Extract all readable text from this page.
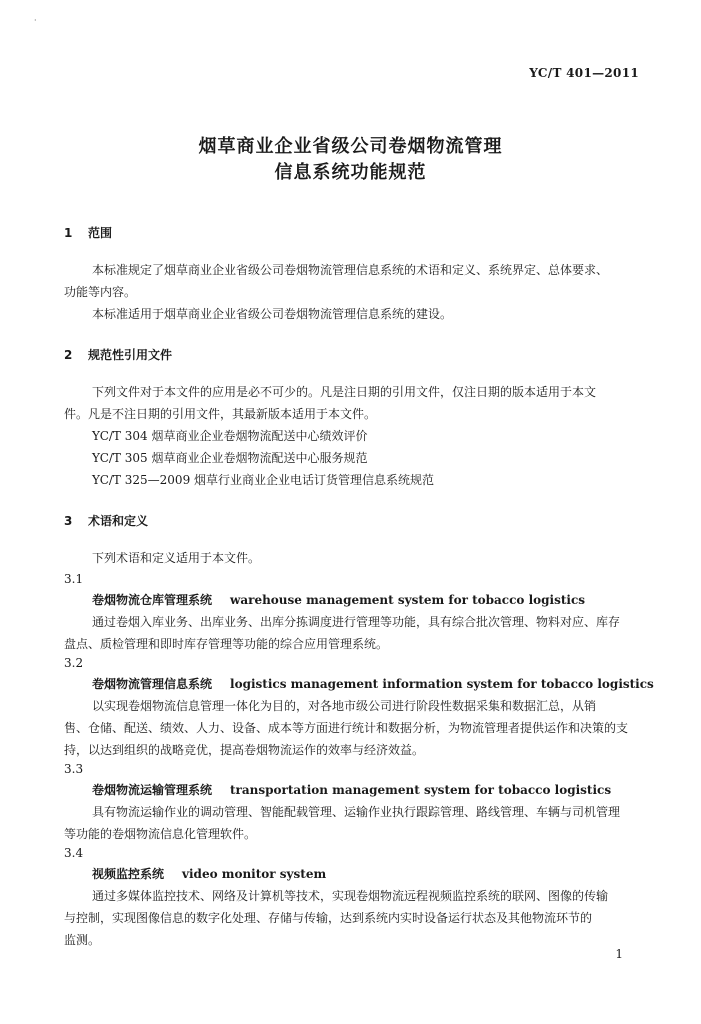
·
YC/T 401—2011
烟草商业企业省级公司卷烟物流管理
信息系统功能规范
1 范围
本标准规定了烟草商业企业省级公司卷烟物流管理信息系统的术语和定义、系统界定、总体要求、
功能等内容。
本标准适用于烟草商业企业省级公司卷烟物流管理信息系统的建设。
2 规范性引用文件
下列文件对于本文件的应用是必不可少的。凡是注日期的引用文件，仅注日期的版本适用于本文
件。凡是不注日期的引用文件，其最新版本适用于本文件。
YC/T 304 烟草商业企业卷烟物流配送中心绩效评价
YC/T 305 烟草商业企业卷烟物流配送中心服务规范
YC/T 325—2009 烟草行业商业企业电话订货管理信息系统规范
3 术语和定义
下列术语和定义适用于本文件。
3.1
卷烟物流仓库管理系统 warehouse management system for tobacco logistics
通过卷烟入库业务、出库业务、出库分拣调度进行管理等功能，具有综合批次管理、物料对应、库存
盘点、质检管理和即时库存管理等功能的综合应用管理系统。
3.2
卷烟物流管理信息系统 logistics management information system for tobacco logistics
以实现卷烟物流信息管理一体化为目的，对各地市级公司进行阶段性数据采集和数据汇总，从销
售、仓储、配送、绩效、人力、设备、成本等方面进行统计和数据分析，为物流管理者提供运作和决策的支
持，以达到组织的战略竞优，提高卷烟物流运作的效率与经济效益。
3.3
卷烟物流运输管理系统 transportation management system for tobacco logistics
具有物流运输作业的调动管理、智能配载管理、运输作业执行跟踪管理、路线管理、车辆与司机管理
等功能的卷烟物流信息化管理软件。
3.4
视频监控系统 video monitor system
通过多媒体监控技术、网络及计算机等技术，实现卷烟物流远程视频监控系统的联网、图像的传输
与控制，实现图像信息的数字化处理、存储与传输，达到系统内实时设备运行状态及其他物流环节的
监测。
1
